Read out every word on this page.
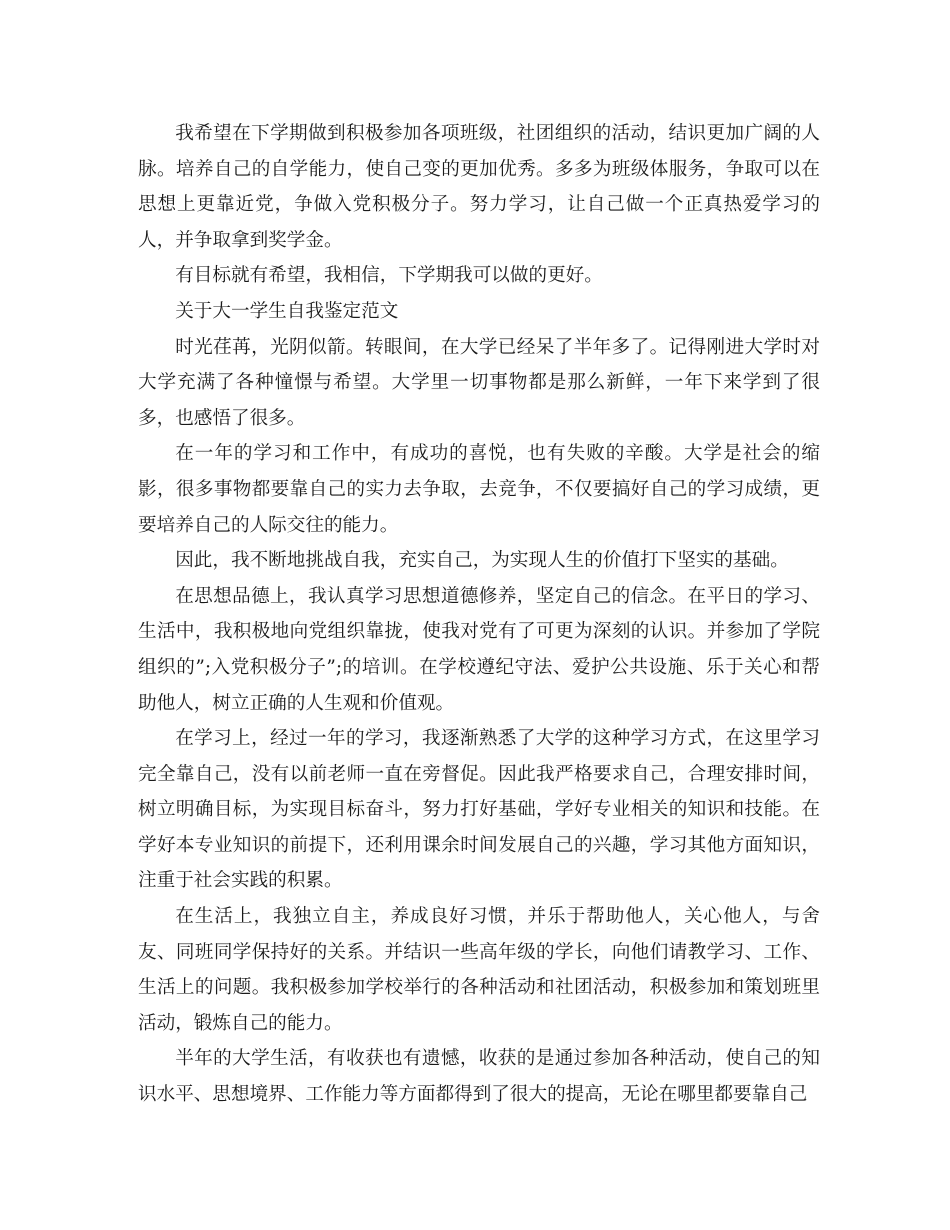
我希望在下学期做到积极参加各项班级，社团组织的活动，结识更加广阔的人脉。培养自己的自学能力，使自己变的更加优秀。多多为班级体服务，争取可以在思想上更靠近党，争做入党积极分子。努力学习，让自己做一个正真热爱学习的人，并争取拿到奖学金。

有目标就有希望，我相信，下学期我可以做的更好。

关于大一学生自我鉴定范文

时光荏苒，光阴似箭。转眼间，在大学已经呆了半年多了。记得刚进大学时对大学充满了各种憧憬与希望。大学里一切事物都是那么新鲜，一年下来学到了很多，也感悟了很多。

在一年的学习和工作中，有成功的喜悦，也有失败的辛酸。大学是社会的缩影，很多事物都要靠自己的实力去争取，去竞争，不仅要搞好自己的学习成绩，更要培养自己的人际交往的能力。

因此，我不断地挑战自我，充实自己，为实现人生的价值打下坚实的基础。

在思想品德上，我认真学习思想道德修养，坚定自己的信念。在平日的学习、生活中，我积极地向党组织靠拢，使我对党有了可更为深刻的认识。并参加了学院组织的”;入党积极分子”;的培训。在学校遵纪守法、爱护公共设施、乐于关心和帮助他人，树立正确的人生观和价值观。

在学习上，经过一年的学习，我逐渐熟悉了大学的这种学习方式，在这里学习完全靠自己，没有以前老师一直在旁督促。因此我严格要求自己，合理安排时间，树立明确目标，为实现目标奋斗，努力打好基础，学好专业相关的知识和技能。在学好本专业知识的前提下，还利用课余时间发展自己的兴趣，学习其他方面知识，注重于社会实践的积累。

在生活上，我独立自主，养成良好习惯，并乐于帮助他人，关心他人，与舍友、同班同学保持好的关系。并结识一些高年级的学长，向他们请教学习、工作、生活上的问题。我积极参加学校举行的各种活动和社团活动，积极参加和策划班里活动，锻炼自己的能力。

半年的大学生活，有收获也有遗憾，收获的是通过参加各种活动，使自己的知识水平、思想境界、工作能力等方面都得到了很大的提高，无论在哪里都要靠自己
